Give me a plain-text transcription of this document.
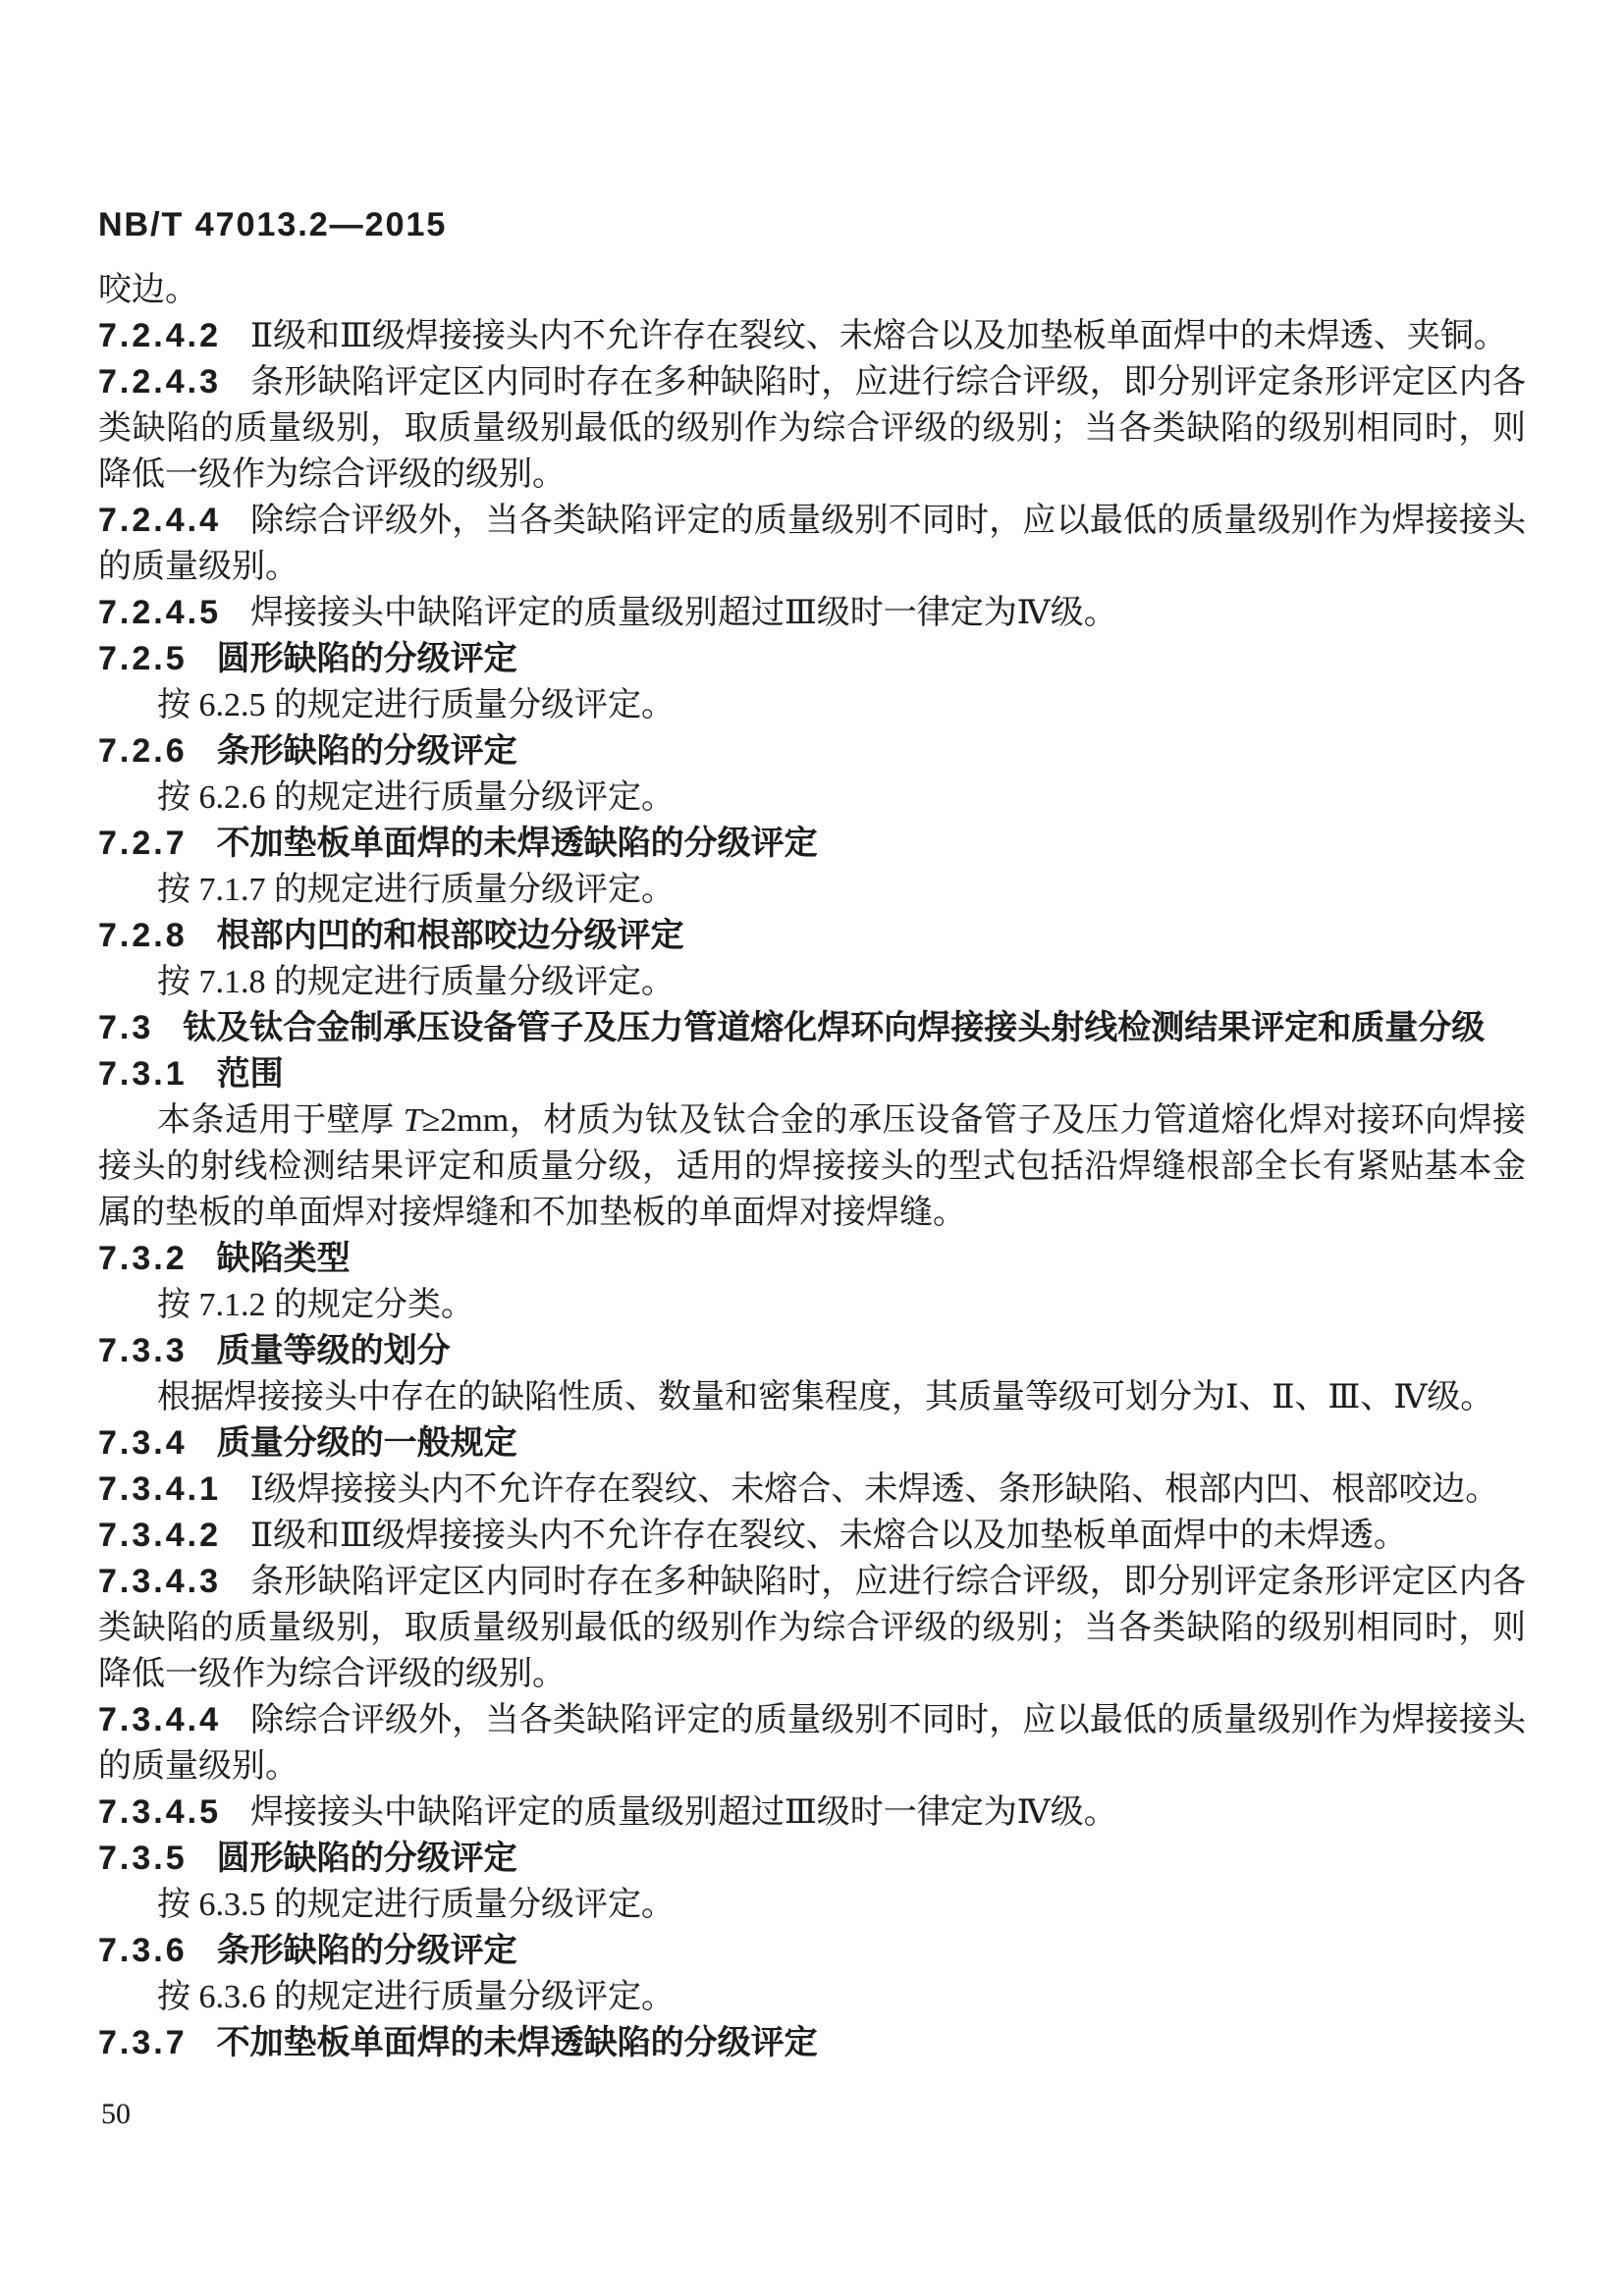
NB/T 47013.2—2015

咬边。

7.2.4.2 Ⅱ级和Ⅲ级焊接接头内不允许存在裂纹、未熔合以及加垫板单面焊中的未焊透、夹铜。

7.2.4.3 条形缺陷评定区内同时存在多种缺陷时，应进行综合评级，即分别评定条形评定区内各类缺陷的质量级别，取质量级别最低的级别作为综合评级的级别；当各类缺陷的级别相同时，则降低一级作为综合评级的级别。

7.2.4.4 除综合评级外，当各类缺陷评定的质量级别不同时，应以最低的质量级别作为焊接接头的质量级别。

7.2.4.5 焊接接头中缺陷评定的质量级别超过Ⅲ级时一律定为Ⅳ级。

7.2.5 圆形缺陷的分级评定

按 6.2.5 的规定进行质量分级评定。

7.2.6 条形缺陷的分级评定

按 6.2.6 的规定进行质量分级评定。

7.2.7 不加垫板单面焊的未焊透缺陷的分级评定

按 7.1.7 的规定进行质量分级评定。

7.2.8 根部内凹的和根部咬边分级评定

按 7.1.8 的规定进行质量分级评定。

7.3 钛及钛合金制承压设备管子及压力管道熔化焊环向焊接接头射线检测结果评定和质量分级

7.3.1 范围

本条适用于壁厚 T≥2mm，材质为钛及钛合金的承压设备管子及压力管道熔化焊对接环向焊接接头的射线检测结果评定和质量分级，适用的焊接接头的型式包括沿焊缝根部全长有紧贴基本金属的垫板的单面焊对接焊缝和不加垫板的单面焊对接焊缝。

7.3.2 缺陷类型

按 7.1.2 的规定分类。

7.3.3 质量等级的划分

根据焊接接头中存在的缺陷性质、数量和密集程度，其质量等级可划分为Ⅰ、Ⅱ、Ⅲ、Ⅳ级。

7.3.4 质量分级的一般规定

7.3.4.1 Ⅰ级焊接接头内不允许存在裂纹、未熔合、未焊透、条形缺陷、根部内凹、根部咬边。

7.3.4.2 Ⅱ级和Ⅲ级焊接接头内不允许存在裂纹、未熔合以及加垫板单面焊中的未焊透。

7.3.4.3 条形缺陷评定区内同时存在多种缺陷时，应进行综合评级，即分别评定条形评定区内各类缺陷的质量级别，取质量级别最低的级别作为综合评级的级别；当各类缺陷的级别相同时，则降低一级作为综合评级的级别。

7.3.4.4 除综合评级外，当各类缺陷评定的质量级别不同时，应以最低的质量级别作为焊接接头的质量级别。

7.3.4.5 焊接接头中缺陷评定的质量级别超过Ⅲ级时一律定为Ⅳ级。

7.3.5 圆形缺陷的分级评定

按 6.3.5 的规定进行质量分级评定。

7.3.6 条形缺陷的分级评定

按 6.3.6 的规定进行质量分级评定。

7.3.7 不加垫板单面焊的未焊透缺陷的分级评定

50
